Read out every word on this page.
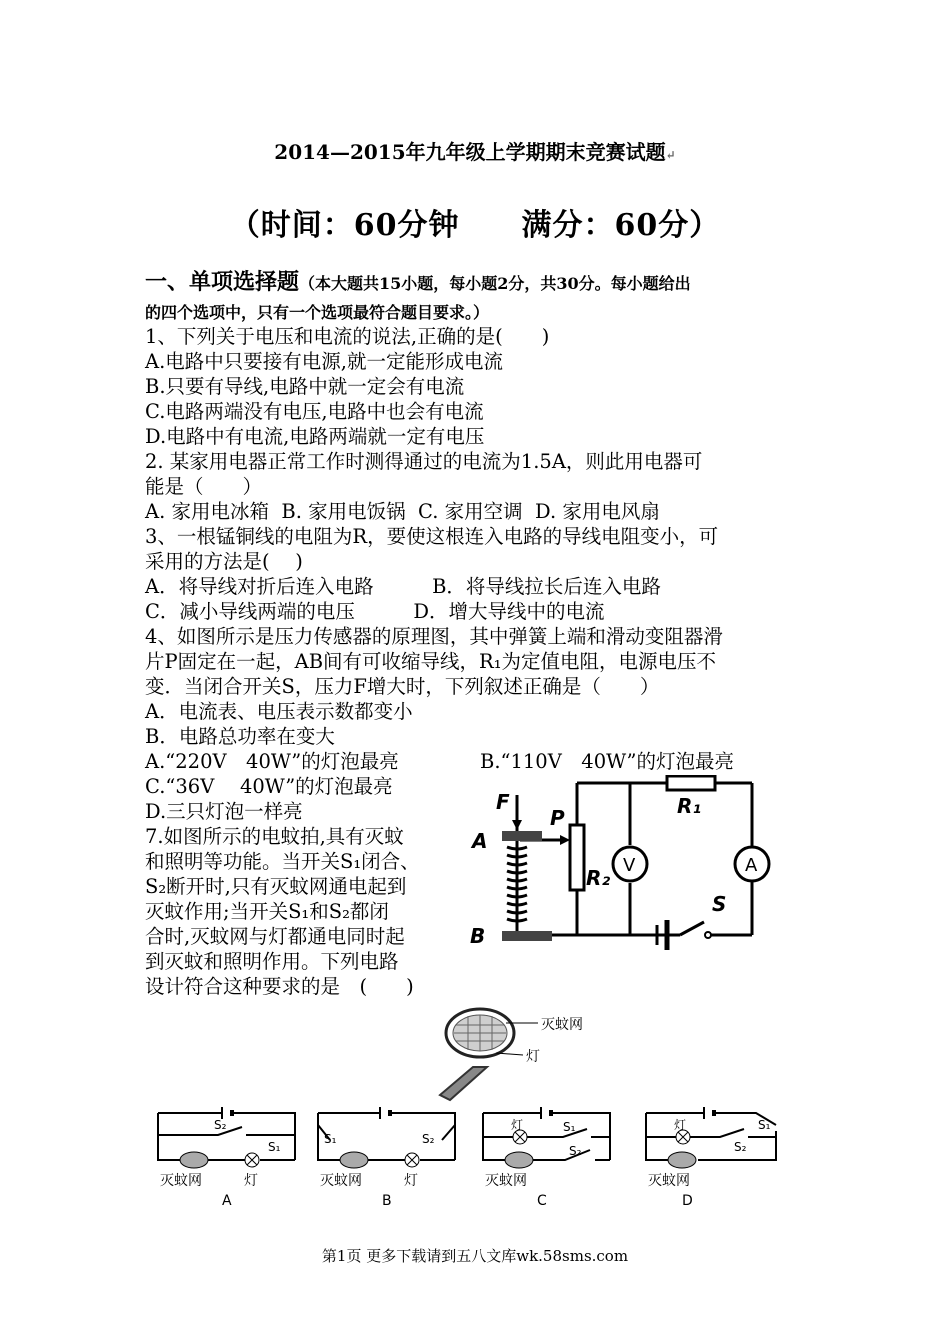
2014—2015年九年级上学期期末竞赛试题↵
（时间：60分钟　　满分：60分）
一、单项选择题（本大题共15小题，每小题2分，共30分。每小题给出
的四个选项中，只有一个选项最符合题目要求。）
1、下列关于电压和电流的说法,正确的是(　　)
A.电路中只要接有电源,就一定能形成电流
B.只要有导线,电路中就一定会有电流
C.电路两端没有电压,电路中也会有电流
D.电路中有电流,电路两端就一定有电压
2. 某家用电器正常工作时测得通过的电流为1.5A，则此用电器可
能是（　　）
A. 家用电冰箱  B. 家用电饭锅  C. 家用空调  D. 家用电风扇
3、一根锰铜线的电阻为R，要使这根连入电路的导线电阻变小，可
采用的方法是(　 )
A．将导线对折后连入电路　　　B．将导线拉长后连入电路
C．减小导线两端的电压　　　D．增大导线中的电流
4、如图所示是压力传感器的原理图，其中弹簧上端和滑动变阻器滑
片P固定在一起，AB间有可收缩导线，R₁为定值电阻，电源电压不
变．当闭合开关S，压力F增大时，下列叙述正确是（　　）
A．电流表、电压表示数都变小
B．电路总功率在变大
A.“220V　40W”的灯泡最亮	B.“110V　40W”的灯泡最亮
C.“36V　 40W”的灯泡最亮
D.三只灯泡一样亮
7.如图所示的电蚊拍,具有灭蚊
和照明等功能。当开关S₁闭合、
S₂断开时,只有灭蚊网通电起到
灭蚊作用;当开关S₁和S₂都闭
合时,灭蚊网与灯都通电同时起
到灭蚊和照明作用。下列电路
设计符合这种要求的是　(　　)
F
P
A
B
R₁
R₂
V	A
S
灭蚊网
灯
S₂
S₁
灭蚊网	灯
A
S₁	S₂
灭蚊网	灯
B
灯	S₁
S₂
灭蚊网
C
灯	S₁
S₂
灭蚊网
D
第1页 更多下载请到五八文库wk.58sms.com
